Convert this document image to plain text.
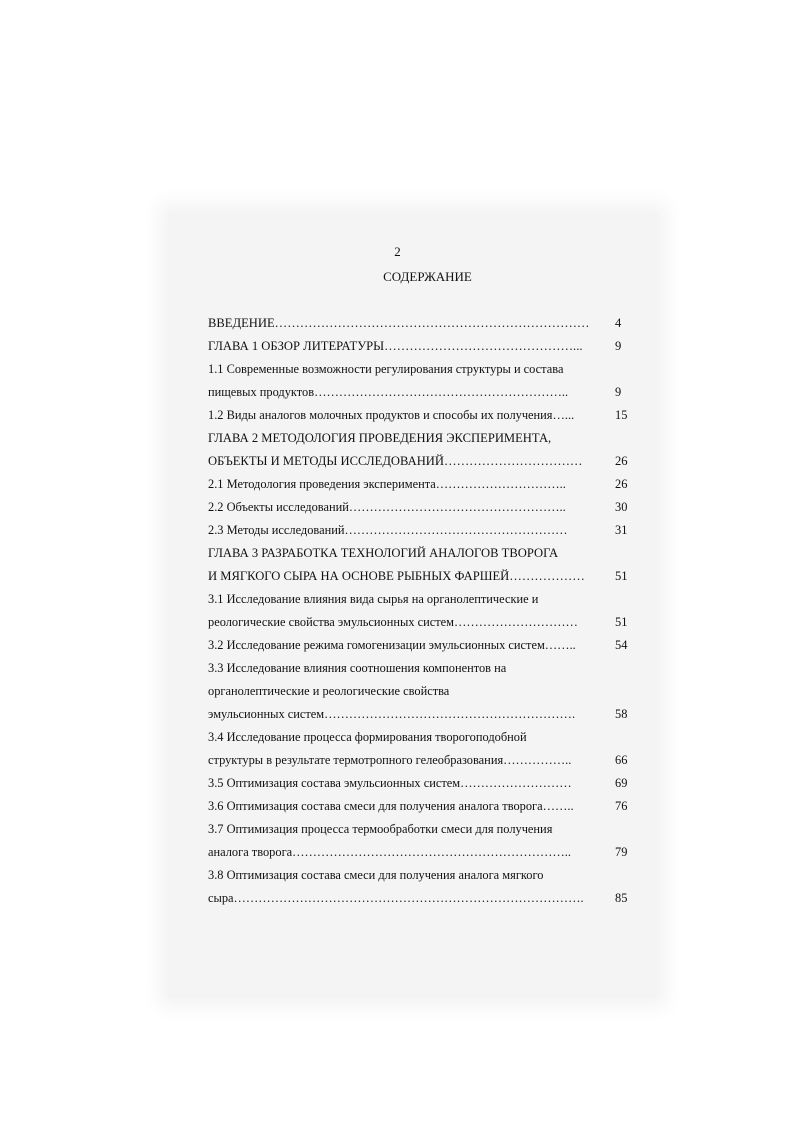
2
СОДЕРЖАНИЕ
ВВЕДЕНИЕ………………………………………………………………… 4
ГЛАВА 1 ОБЗОР ЛИТЕРАТУРЫ………………………………………...	9
1.1 Современные возможности регулирования структуры и состава
пищевых продуктов……………………………………………………..	9
1.2 Виды аналогов молочных продуктов и способы их получения…...	15
ГЛАВА 2 МЕТОДОЛОГИЯ ПРОВЕДЕНИЯ ЭКСПЕРИМЕНТА,
ОБЪЕКТЫ И МЕТОДЫ ИССЛЕДОВАНИЙ……………………………	26
2.1 Методология проведения эксперимента…………………………..	26
2.2 Объекты исследований……………………………………………..	30
2.3 Методы исследований………………………………………………	31
ГЛАВА 3 РАЗРАБОТКА ТЕХНОЛОГИЙ АНАЛОГОВ ТВОРОГА
И МЯГКОГО СЫРА НА ОСНОВЕ РЫБНЫХ ФАРШЕЙ……………… 51
3.1 Исследование влияния вида сырья на органолептические и
реологические свойства эмульсионных систем…………………………	51
3.2 Исследование режима гомогенизации эмульсионных систем……..	54
3.3 Исследование влияния соотношения компонентов на
органолептические и реологические свойства
эмульсионных систем…………………………………………………….	58
3.4 Исследование процесса формирования творогоподобной
структуры в результате термотропного гелеобразования……………..	66
3.5 Оптимизация состава эмульсионных систем………………………	69
3.6 Оптимизация состава смеси для получения аналога творога……..	76
3.7 Оптимизация процесса термообработки смеси для получения
аналога творога…………………………………………………………..	79
3.8 Оптимизация состава смеси для получения аналога мягкого
сыра………………………………………………………………………….	85
